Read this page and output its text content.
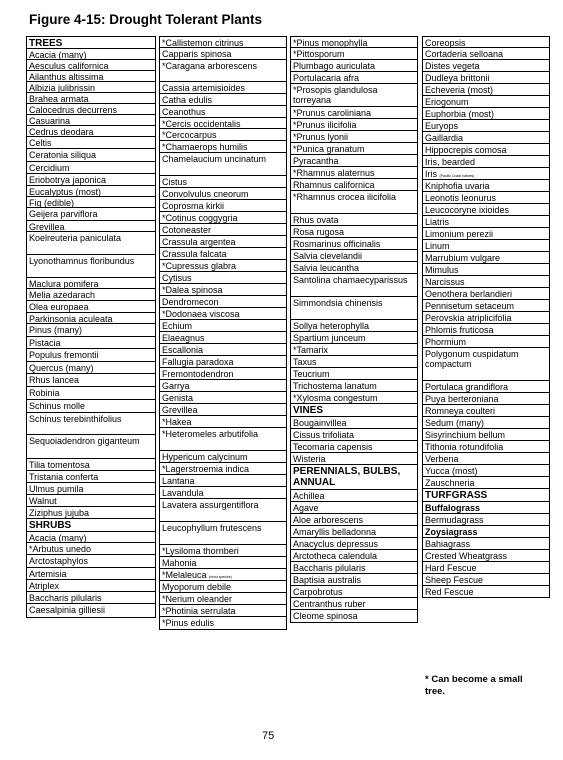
Figure 4-15: Drought Tolerant Plants
TREES
Acacia (many)
Aesculus californica
Ailanthus altissima
Albizia julibrissin
Brahea armata
Calocedrus decurrens
Casuarina
Cedrus deodara
Celtis
Ceratonia siliqua
Cercidium
Eriobotrya japonica
Eucalyptus (most)
Fig (edible)
Geijera parviflora
Grevillea
Koelreuteria paniculata
Lyonothamnus floribundus
Maclura pomifera
Melia azedarach
Olea europaea
Parkinsonia aculeata
Pinus (many)
Pistacia
Populus fremontii
Quercus (many)
Rhus lancea
Robinia
Schinus molle
Schinus terebinthifolius
Sequoiadendron giganteum
Tilia tomentosa
Tristania conferta
Ulmus pumila
Walnut
Ziziphus jujuba
SHRUBS
Acacia (many)
*Arbutus unedo
Arctostaphylos
Artemisia
Atriplex
Baccharis pilularis
Caesalpinia gilliesii
*Callistemon citrinus
Capparis spinosa
*Caragana arborescens
Cassia artemisioides
Catha edulis
Ceanothus
*Cercis occidentalis
*Cercocarpus
*Chamaerops humilis
Chamelaucium uncinatum
Cistus
Convolvulus cneorum
Coprosma kirkii
*Cotinus coggygria
Cotoneaster
Crassula argentea
Crassula falcata
*Cupressus glabra
Cytisus
*Dalea spinosa
Dendromecon
*Dodonaea viscosa
Echium
Elaeagnus
Escallonia
Fallugia paradoxa
Fremontodendron
Garrya
Genista
Grevillea
*Hakea
*Heteromeles arbutifolia
Hypericum calycinum
*Lagerstroemia indica
Lantana
Lavandula
Lavatera assurgentiflora
Leucophyllum frutescens
*Lysiloma thornberi
Mahonia
*Melaleuca (most species)
Myoporum debile
*Nerium oleander
*Photinia serrulata
*Pinus edulis
*Pinus monophylla
*Pittosporum
Plumbago auriculata
Portulacaria afra
*Prosopis glandulosa torreyana
*Prunus caroliniana
*Prunus ilicifolia
*Prunus lyonii
*Punica granatum
Pyracantha
*Rhamnus alaternus
Rhamnus californica
*Rhamnus crocea ilicifolia
Rhus ovata
Rosa rugosa
Rosmarinus officinalis
Salvia clevelandii
Salvia leucantha
Santolina chamaecyparissus
Simmondsia chinensis
Sollya heterophylla
Spartium junceum
*Tamarix
Taxus
Teucrium
Trichostema lanatum
*Xylosma congestum
VINES
Bougainvillea
Cissus trifoliata
Tecomaria capensis
Wisteria
PERENNIALS, BULBS, ANNUAL
Achillea
Agave
Aloe arborescens
Amaryllis belladonna
Anacyclus depressus
Arctotheca calendula
Baccharis pilularis
Baptisia australis
Carpobrotus
Centranthus ruber
Cleome spinosa
Coreopsis
Cortaderia selloana
Distes vegeta
Dudleya brittonii
Echeveria (most)
Eriogonum
Euphorbia (most)
Euryops
Gaillardia
Hippocrepis comosa
Iris, bearded
Iris (Pacific Coast natives)
Kniphofia uvaria
Leonotis leonurus
Leucocoryne ixioides
Liatris
Limonium perezii
Linum
Marrubium vulgare
Mimulus
Narcissus
Oenothera berlandieri
Pennisetum setaceum
Perovskia atriplicifolia
Phlomis fruticosa
Phormium
Polygonum cuspidatum compactum
Portulaca grandiflora
Puya berteroniana
Romneya coulteri
Sedum (many)
Sisyrinchium bellum
Tithonia rotundifolia
Verbena
Yucca (most)
Zauschneria
TURFGRASS
Buffalograss
Bermudagrass
Zoysiagrass
Bahiagrass
Crested Wheatgrass
Hard Fescue
Sheep Fescue
Red Fescue
* Can become a small tree.
75
